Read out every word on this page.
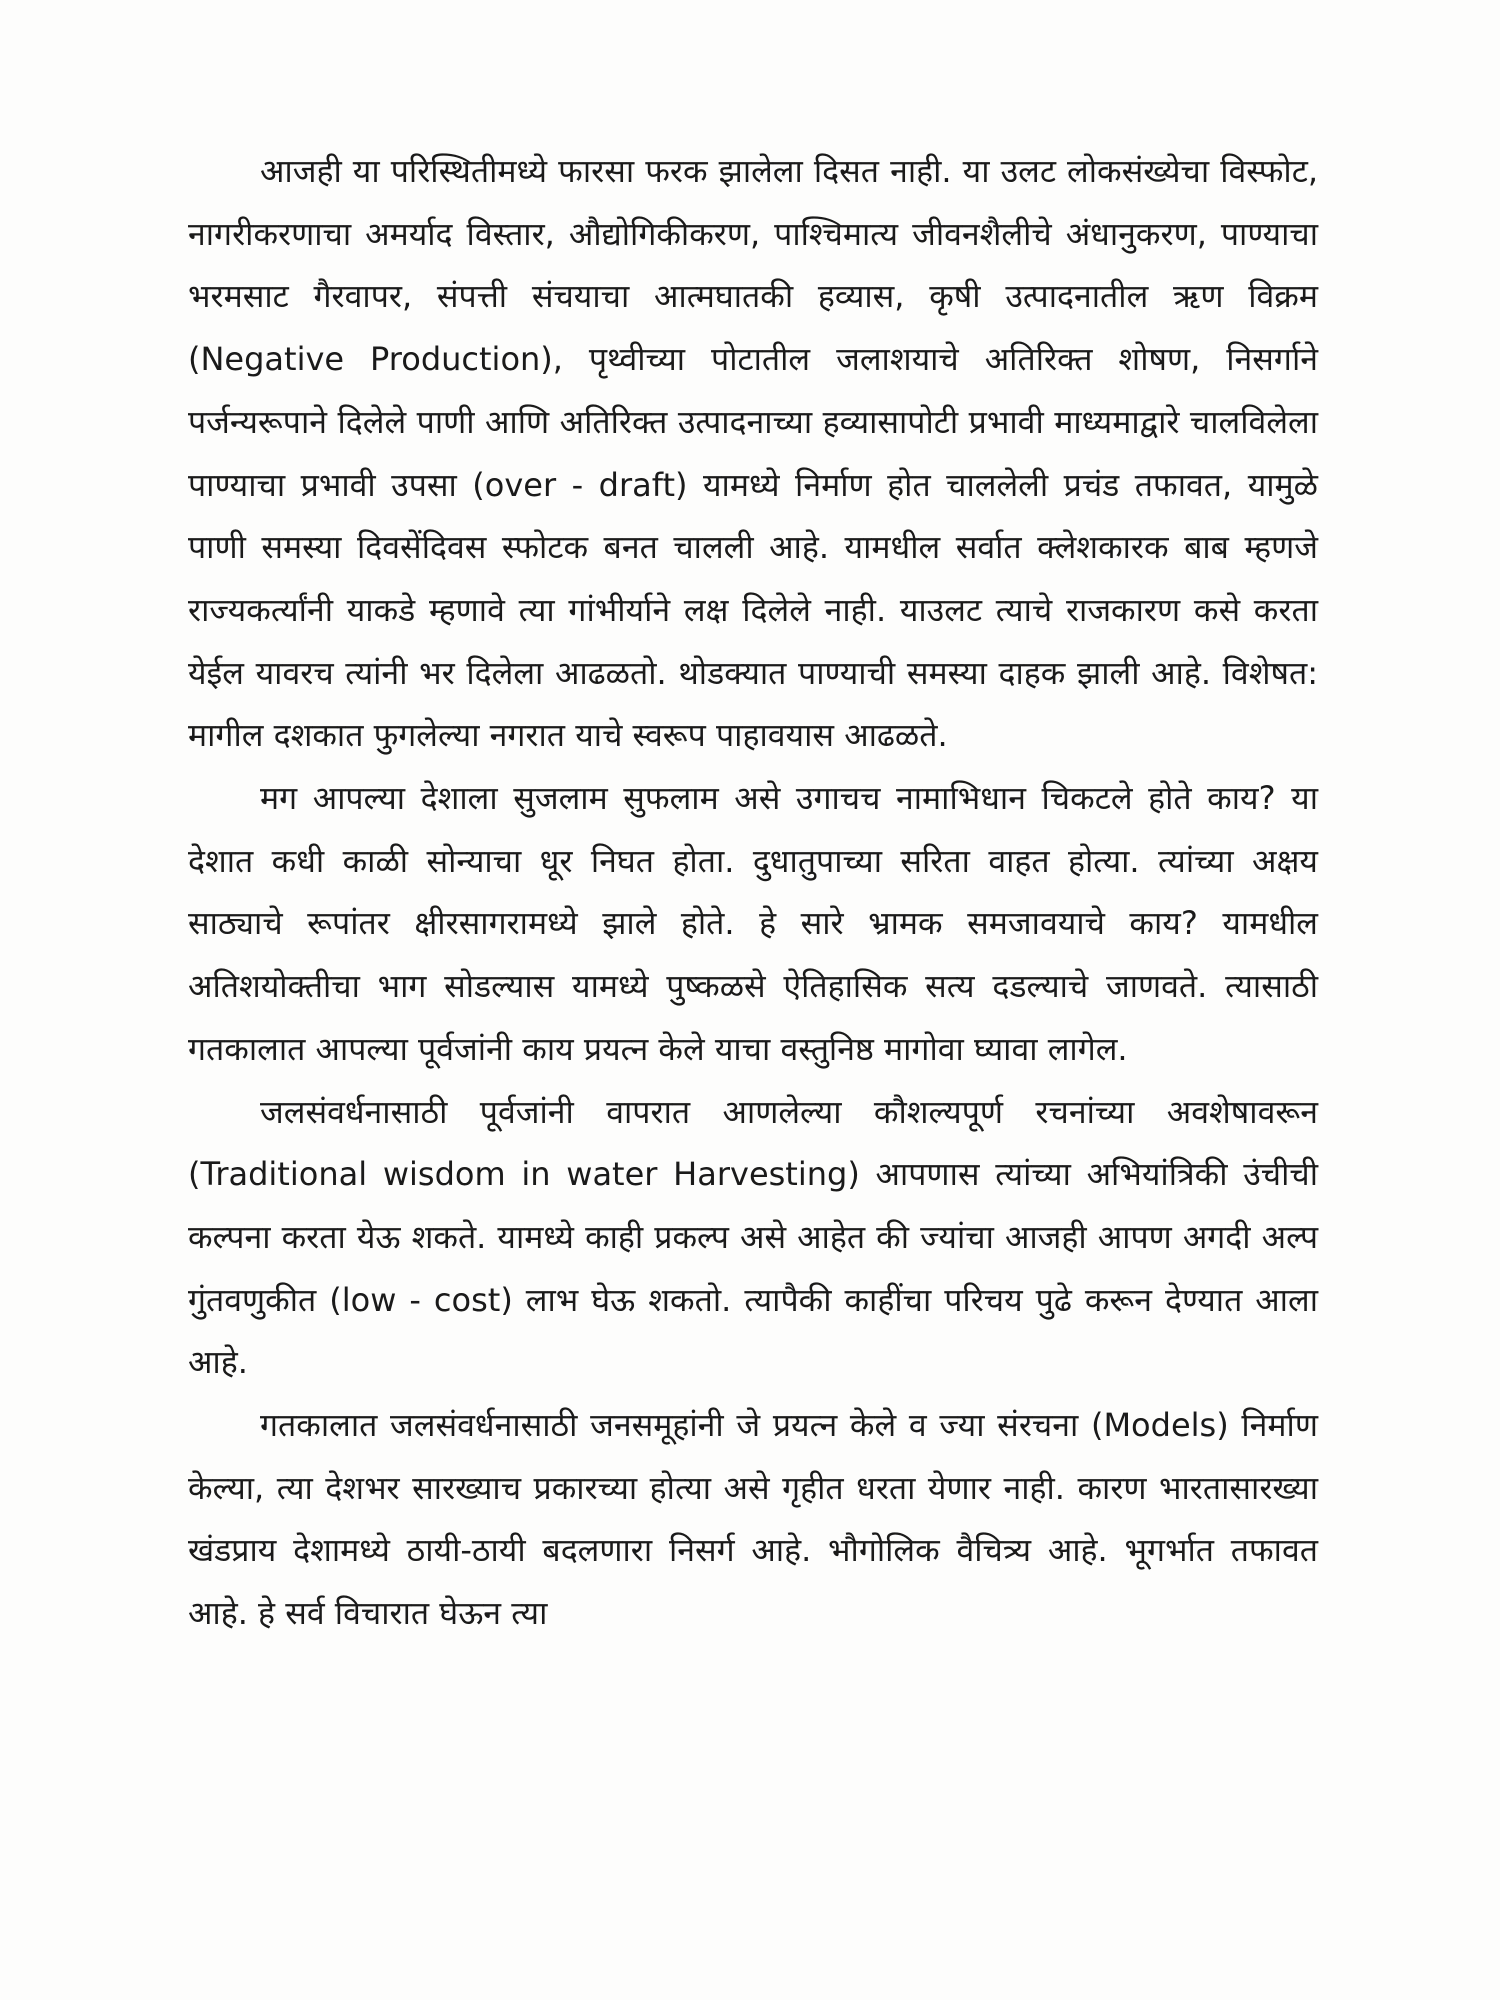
आजही या परिस्थितीमध्ये फारसा फरक झालेला दिसत नाही. या उलट लोकसंख्येचा विस्फोट, नागरीकरणाचा अमर्याद विस्तार, औद्योगिकीकरण, पाश्चिमात्य जीवनशैलीचे अंधानुकरण, पाण्याचा भरमसाट गैरवापर, संपत्ती संचयाचा आत्मघातकी हव्यास, कृषी उत्पादनातील ऋण विक्रम (Negative Production), पृथ्वीच्या पोटातील जलाशयाचे अतिरिक्त शोषण, निसर्गाने पर्जन्यरूपाने दिलेले पाणी आणि अतिरिक्त उत्पादनाच्या हव्यासापोटी प्रभावी माध्यमाद्वारे चालविलेला पाण्याचा प्रभावी उपसा (over - draft) यामध्ये निर्माण होत चाललेली प्रचंड तफावत, यामुळे पाणी समस्या दिवसेंदिवस स्फोटक बनत चालली आहे. यामधील सर्वात क्लेशकारक बाब म्हणजे राज्यकर्त्यांनी याकडे म्हणावे त्या गांभीर्याने लक्ष दिलेले नाही. याउलट त्याचे राजकारण कसे करता येईल यावरच त्यांनी भर दिलेला आढळतो. थोडक्यात पाण्याची समस्या दाहक झाली आहे. विशेषत: मागील दशकात फुगलेल्या नगरात याचे स्वरूप पाहावयास आढळते.

मग आपल्या देशाला सुजलाम सुफलाम असे उगाचच नामाभिधान चिकटले होते काय? या देशात कधी काळी सोन्याचा धूर निघत होता. दुधातुपाच्या सरिता वाहत होत्या. त्यांच्या अक्षय साठ्याचे रूपांतर क्षीरसागरामध्ये झाले होते. हे सारे भ्रामक समजावयाचे काय? यामधील अतिशयोक्तीचा भाग सोडल्यास यामध्ये पुष्कळसे ऐतिहासिक सत्य दडल्याचे जाणवते. त्यासाठी गतकालात आपल्या पूर्वजांनी काय प्रयत्न केले याचा वस्तुनिष्ठ मागोवा घ्यावा लागेल.

जलसंवर्धनासाठी पूर्वजांनी वापरात आणलेल्या कौशल्यपूर्ण रचनांच्या अवशेषावरून (Traditional wisdom in water Harvesting) आपणास त्यांच्या अभियांत्रिकी उंचीची कल्पना करता येऊ शकते. यामध्ये काही प्रकल्प असे आहेत की ज्यांचा आजही आपण अगदी अल्प गुंतवणुकीत (low - cost) लाभ घेऊ शकतो. त्यापैकी काहींचा परिचय पुढे करून देण्यात आला आहे.

गतकालात जलसंवर्धनासाठी जनसमूहांनी जे प्रयत्न केले व ज्या संरचना (Models) निर्माण केल्या, त्या देशभर सारख्याच प्रकारच्या होत्या असे गृहीत धरता येणार नाही. कारण भारतासारख्या खंडप्राय देशामध्ये ठायी-ठायी बदलणारा निसर्ग आहे. भौगोलिक वैचित्र्य आहे. भूगर्भात तफावत आहे. हे सर्व विचारात घेऊन त्या
